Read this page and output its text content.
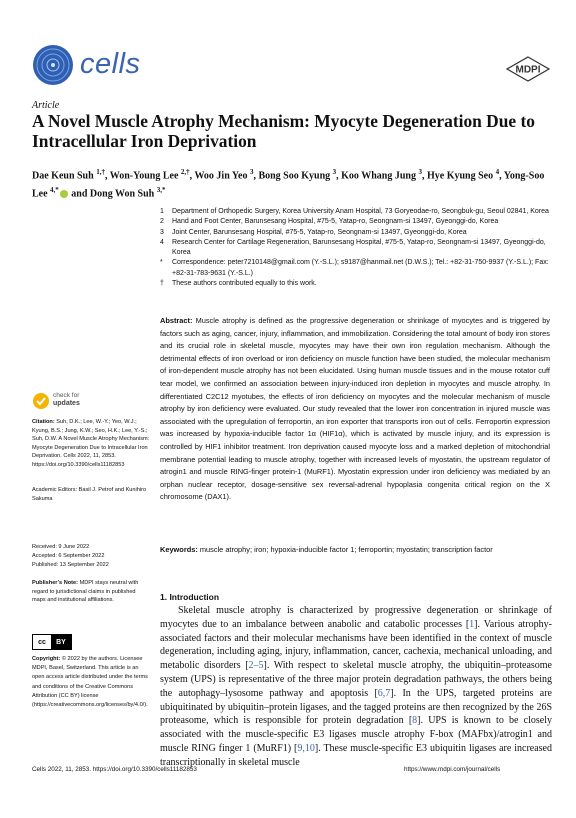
cells	MDPI
Article
A Novel Muscle Atrophy Mechanism: Myocyte Degeneration Due to Intracellular Iron Deprivation
Dae Keun Suh $^{1,\dagger}$, Won-Young Lee $^{2,\dagger}$, Woo Jin Yeo $^3$, Bong Soo Kyung $^3$, Koo Whang Jung $^3$, Hye Kyung Seo $^4$, Yong-Soo Lee $^{4,*}$ and Dong Won Suh $^{3,*}$
1	Department of Orthopedic Surgery, Korea University Anam Hospital, 73 Goryeodae-ro, Seongbuk-gu, Seoul 02841, Korea
2	Hand and Foot Center, Barunsesang Hospital, #75-5, Yatap-ro, Seongnam-si 13497, Gyeonggi-do, Korea
3	Joint Center, Barunsesang Hospital, #75-5, Yatap-ro, Seongnam-si 13497, Gyeonggi-do, Korea
4	Research Center for Cartilage Regeneration, Barunsesang Hospital, #75-5, Yatap-ro, Seongnam-si 13497, Gyeonggi-do, Korea
*	Correspondence: peter7210148@gmail.com (Y.-S.L.); s9187@hanmail.net (D.W.S.); Tel.: +82-31-750-9937 (Y.-S.L.); Fax: +82-31-783-9631 (Y.-S.L.)
†	These authors contributed equally to this work.
Abstract: Muscle atrophy is defined as the progressive degeneration or shrinkage of myocytes and is triggered by factors such as aging, cancer, injury, inflammation, and immobilization. Considering the total amount of body iron stores and its crucial role in skeletal muscle, myocytes may have their own iron regulation mechanism. Although the detrimental effects of iron overload or iron deficiency on muscle function have been studied, the molecular mechanism of iron-dependent muscle atrophy has not been elucidated. Using human muscle tissues and in the mouse rotator cuff tear model, we confirmed an association between injury-induced iron depletion in myocytes and muscle atrophy. In differentiated C2C12 myotubes, the effects of iron deficiency on myocytes and the molecular mechanism of muscle atrophy by iron deficiency were evaluated. Our study revealed that the lower iron concentration in injured muscle was associated with the upregulation of ferroportin, an iron exporter that transports iron out of cells. Ferroportin expression was increased by hypoxia-inducible factor 1α (HIF1α), which is activated by muscle injury, and its expression is controlled by HIF1 inhibitor treatment. Iron deprivation caused myocyte loss and a marked depletion of mitochondrial membrane potential leading to muscle atrophy, together with increased levels of myostatin, the upstream regulator of atrogin1 and muscle RING-finger protein-1 (MuRF1). Myostatin expression under iron deficiency was mediated by an orphan nuclear receptor, dosage-sensitive sex reversal-adrenal hypoplasia congenita critical region on the X chromosome (DAX1).
Keywords: muscle atrophy; iron; hypoxia-inducible factor 1; ferroportin; myostatin; transcription factor
check for
updates
Citation: Suh, D.K.; Lee, W.-Y.; Yeo, W.J.; Kyung, B.S.; Jung, K.W.; Seo, H.K.; Lee, Y.-S.; Suh, D.W. A Novel Muscle Atrophy Mechanism: Myocyte Degeneration Due to Intracellular Iron Deprivation. Cells 2022, 11, 2853. https://doi.org/10.3390/cells11182853
Academic Editors: Basil J. Petrof and Kunihiro Sakuma
Received: 9 June 2022
Accepted: 6 September 2022
Published: 13 September 2022
Publisher’s Note: MDPI stays neutral with regard to jurisdictional claims in published maps and institutional affiliations.
cc	BY
Copyright: © 2022 by the authors. Licensee MDPI, Basel, Switzerland. This article is an open access article distributed under the terms and conditions of the Creative Commons Attribution (CC BY) license (https://creativecommons.org/licenses/by/4.0/).
1. Introduction
Skeletal muscle atrophy is characterized by progressive degeneration or shrinkage of myocytes due to an imbalance between anabolic and catabolic processes [1]. Various atrophy-associated factors and their molecular mechanisms have been identified in the context of muscle degeneration, including aging, injury, inflammation, cancer, cachexia, mechanical unloading, and metabolic disorders [2–5]. With respect to skeletal muscle atrophy, the ubiquitin–proteasome system (UPS) is representative of the three major protein degradation pathways, the others being the autophagy–lysosome pathway and apoptosis [6,7]. In the UPS, targeted proteins are ubiquitinated by ubiquitin–protein ligases, and the tagged proteins are then recognized by the 26S proteasome, which is responsible for protein degradation [8]. UPS is known to be closely associated with the muscle-specific E3 ligases muscle atrophy F-box (MAFbx)/atrogin1 and muscle RING finger 1 (MuRF1) [9,10]. These muscle-specific E3 ubiquitin ligases are increased transcriptionally in skeletal muscle
Cells 2022, 11, 2853. https://doi.org/10.3390/cells11182853	https://www.mdpi.com/journal/cells
